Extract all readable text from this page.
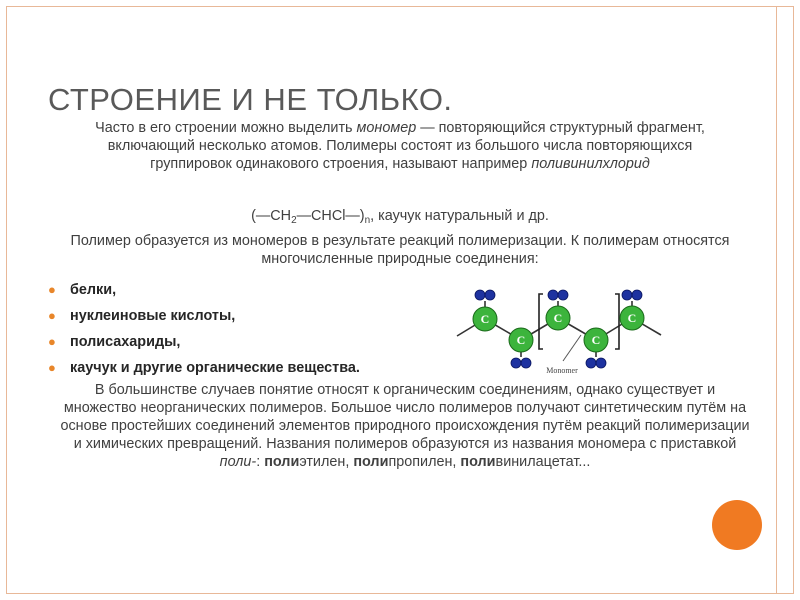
СТРОЕНИЕ И НЕ ТОЛЬКО.
Часто в его строении можно выделить мономер — повторяющийся структурный фрагмент, включающий несколько атомов. Полимеры состоят из большого числа повторяющихся группировок одинакового строения, называют например поливинилхлорид
$(—CH_2—CHCl—)_n$, каучук натуральный и др.
Полимер образуется из мономеров в результате реакций полимеризации. К полимерам относятся многочисленные природные соединения:
● белки,
● нуклеиновые кислоты,
● полисахариды,
● каучук и другие органические вещества.
C
C
C
C
C
Monomer
В большинстве случаев понятие относят к органическим соединениям, однако существует и множество неорганических полимеров. Большое число полимеров получают синтетическим путём на основе простейших соединений элементов природного происхождения путём реакций полимеризации и химических превращений. Названия полимеров образуются из названия мономера с приставкой поли-: полиэтилен, полипропилен, поливинилацетат...
